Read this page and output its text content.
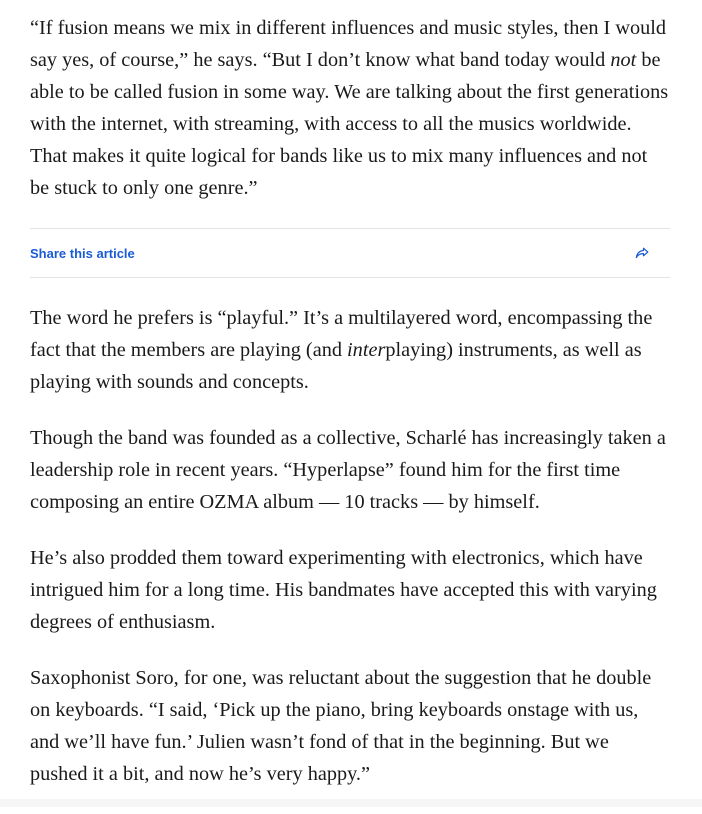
“If fusion means we mix in different influences and music styles, then I would say yes, of course,” he says. “But I don’t know what band today would not be able to be called fusion in some way. We are talking about the first generations with the internet, with streaming, with access to all the musics worldwide. That makes it quite logical for bands like us to mix many influences and not be stuck to only one genre.”

Share this article

The word he prefers is “playful.” It’s a multilayered word, encompassing the fact that the members are playing (and interplaying) instruments, as well as playing with sounds and concepts.

Though the band was founded as a collective, Scharlé has increasingly taken a leadership role in recent years. “Hyperlapse” found him for the first time composing an entire OZMA album — 10 tracks — by himself.

He’s also prodded them toward experimenting with electronics, which have intrigued him for a long time. His bandmates have accepted this with varying degrees of enthusiasm.

Saxophonist Soro, for one, was reluctant about the suggestion that he double on keyboards. “I said, ‘Pick up the piano, bring keyboards onstage with us, and we’ll have fun.’ Julien wasn’t fond of that in the beginning. But we pushed it a bit, and now he’s very happy.”
